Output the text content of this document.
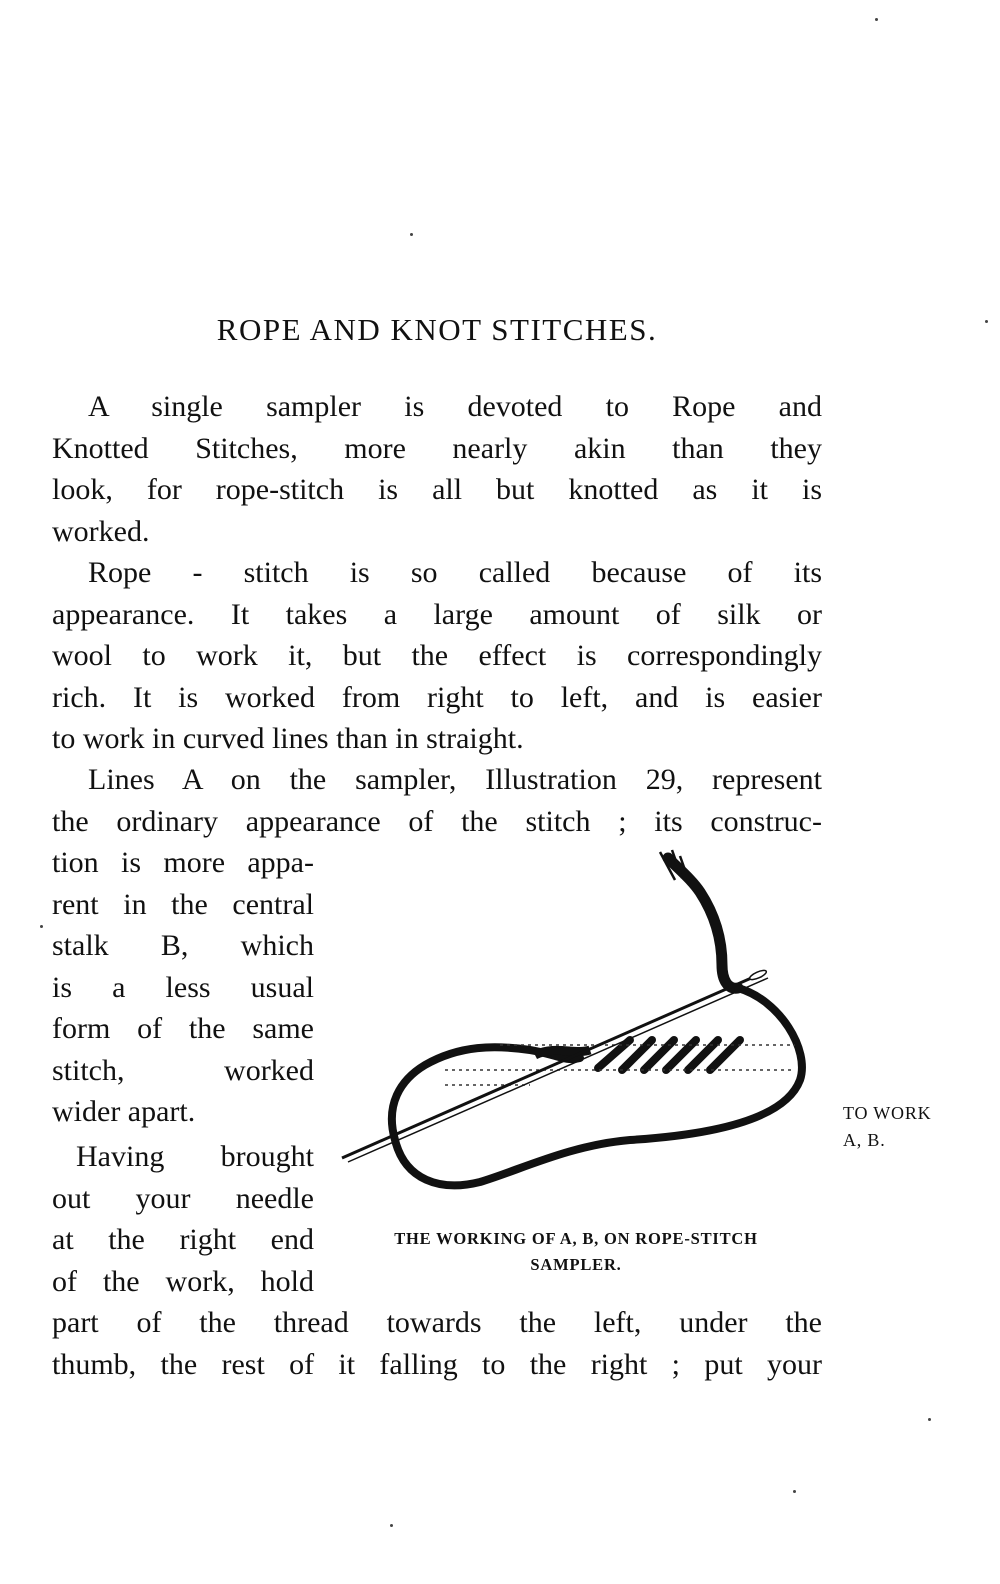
ROPE AND KNOT STITCHES.
A single sampler is devoted to Rope and
Knotted Stitches, more nearly akin than they
look, for rope-stitch is all but knotted as it is
worked.
Rope - stitch is so called because of its
appearance. It takes a large amount of silk or
wool to work it, but the effect is correspondingly
rich. It is worked from right to left, and is easier
to work in curved lines than in straight.
Lines A on the sampler, Illustration 29, represent
the ordinary appearance of the stitch ; its construc-
tion is more appa-
rent in the central
stalk B, which
is a less usual
form of the same
stitch, worked
wider apart.
Having brought
out your needle
at the right end
of the work, hold
part of the thread towards the left, under the
thumb, the rest of it falling to the right ; put your
THE WORKING OF A, B, ON ROPE-STITCH
SAMPLER.
TO WORK
A, B.
